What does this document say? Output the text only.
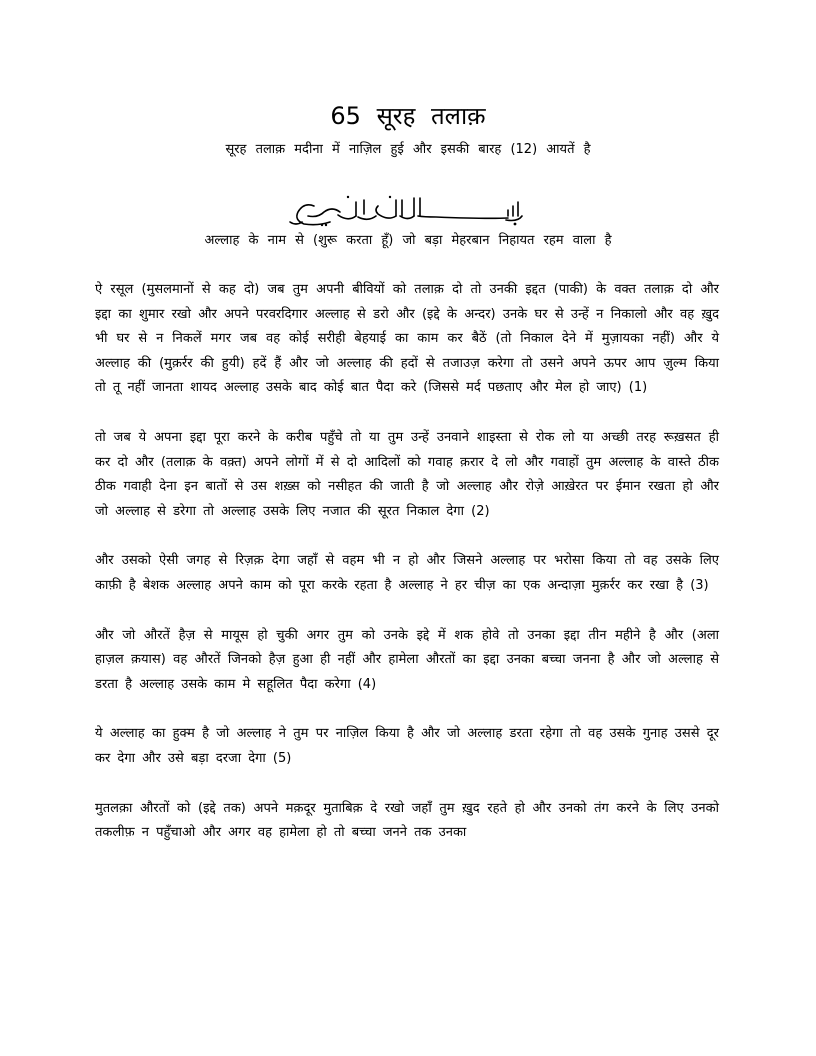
65 सूरह तलाक़
सूरह तलाक़ मदीना में नाज़िल हुई और इसकी बारह (12) आयतें है
अल्लाह के नाम से (शुरू करता हूँ) जो बड़ा मेहरबान निहायत रहम वाला है

ऐ रसूल (मुसलमानों से कह दो) जब तुम अपनी बीवियों को तलाक़ दो तो उनकी इद्दत (पाकी) के वक्त तलाक़ दो और इद्दा का शुमार रखो और अपने परवरदिगार अल्लाह से डरो और (इद्दे के अन्दर) उनके घर से उन्हें न निकालो और वह ख़ुद भी घर से न निकलें मगर जब वह कोई सरीही बेहयाई का काम कर बैठें (तो निकाल देने में मुज़ायका नहीं) और ये अल्लाह की (मुक़र्रर की हुयी) हदें हैं और जो अल्लाह की हदों से तजाउज़ करेगा तो उसने अपने ऊपर आप ज़ुल्म किया तो तू नहीं जानता शायद अल्लाह उसके बाद कोई बात पैदा करे (जिससे मर्द पछताए और मेल हो जाए) (1)

तो जब ये अपना इद्दा पूरा करने के करीब पहुँचे तो या तुम उन्हें उनवाने शाइस्ता से रोक लो या अच्छी तरह रूख़सत ही कर दो और (तलाक़ के वक़्त) अपने लोगों में से दो आदिलों को गवाह क़रार दे लो और गवाहों तुम अल्लाह के वास्ते ठीक ठीक गवाही देना इन बातों से उस शख़्स को नसीहत की जाती है जो अल्लाह और रोज़े आख़ेरत पर ईमान रखता हो और जो अल्लाह से डरेगा तो अल्लाह उसके लिए नजात की सूरत निकाल देगा (2)

और उसको ऐसी जगह से रिज़क़ देगा जहाँ से वहम भी न हो और जिसने अल्लाह पर भरोसा किया तो वह उसके लिए काफ़ी है बेशक अल्लाह अपने काम को पूरा करके रहता है अल्लाह ने हर चीज़ का एक अन्दाज़ा मुक़र्रर कर रखा है (3)

और जो औरतें हैज़ से मायूस हो चुकी अगर तुम को उनके इद्दे में शक होवे तो उनका इद्दा तीन महीने है और (अला हाज़ल क़यास) वह औरतें जिनको हैज़ हुआ ही नहीं और हामेला औरतों का इद्दा उनका बच्चा जनना है और जो अल्लाह से डरता है अल्लाह उसके काम मे सहूलित पैदा करेगा (4)

ये अल्लाह का हुक्म है जो अल्लाह ने तुम पर नाज़िल किया है और जो अल्लाह डरता रहेगा तो वह उसके गुनाह उससे दूर कर देगा और उसे बड़ा दरजा देगा (5)

मुतलक़ा औरतों को (इद्दे तक) अपने मक़दूर मुताबिक़ दे रखो जहाँ तुम ख़ुद रहते हो और उनको तंग करने के लिए उनको तकलीफ़ न पहुँचाओ और अगर वह हामेला हो तो बच्चा जनने तक उनका
